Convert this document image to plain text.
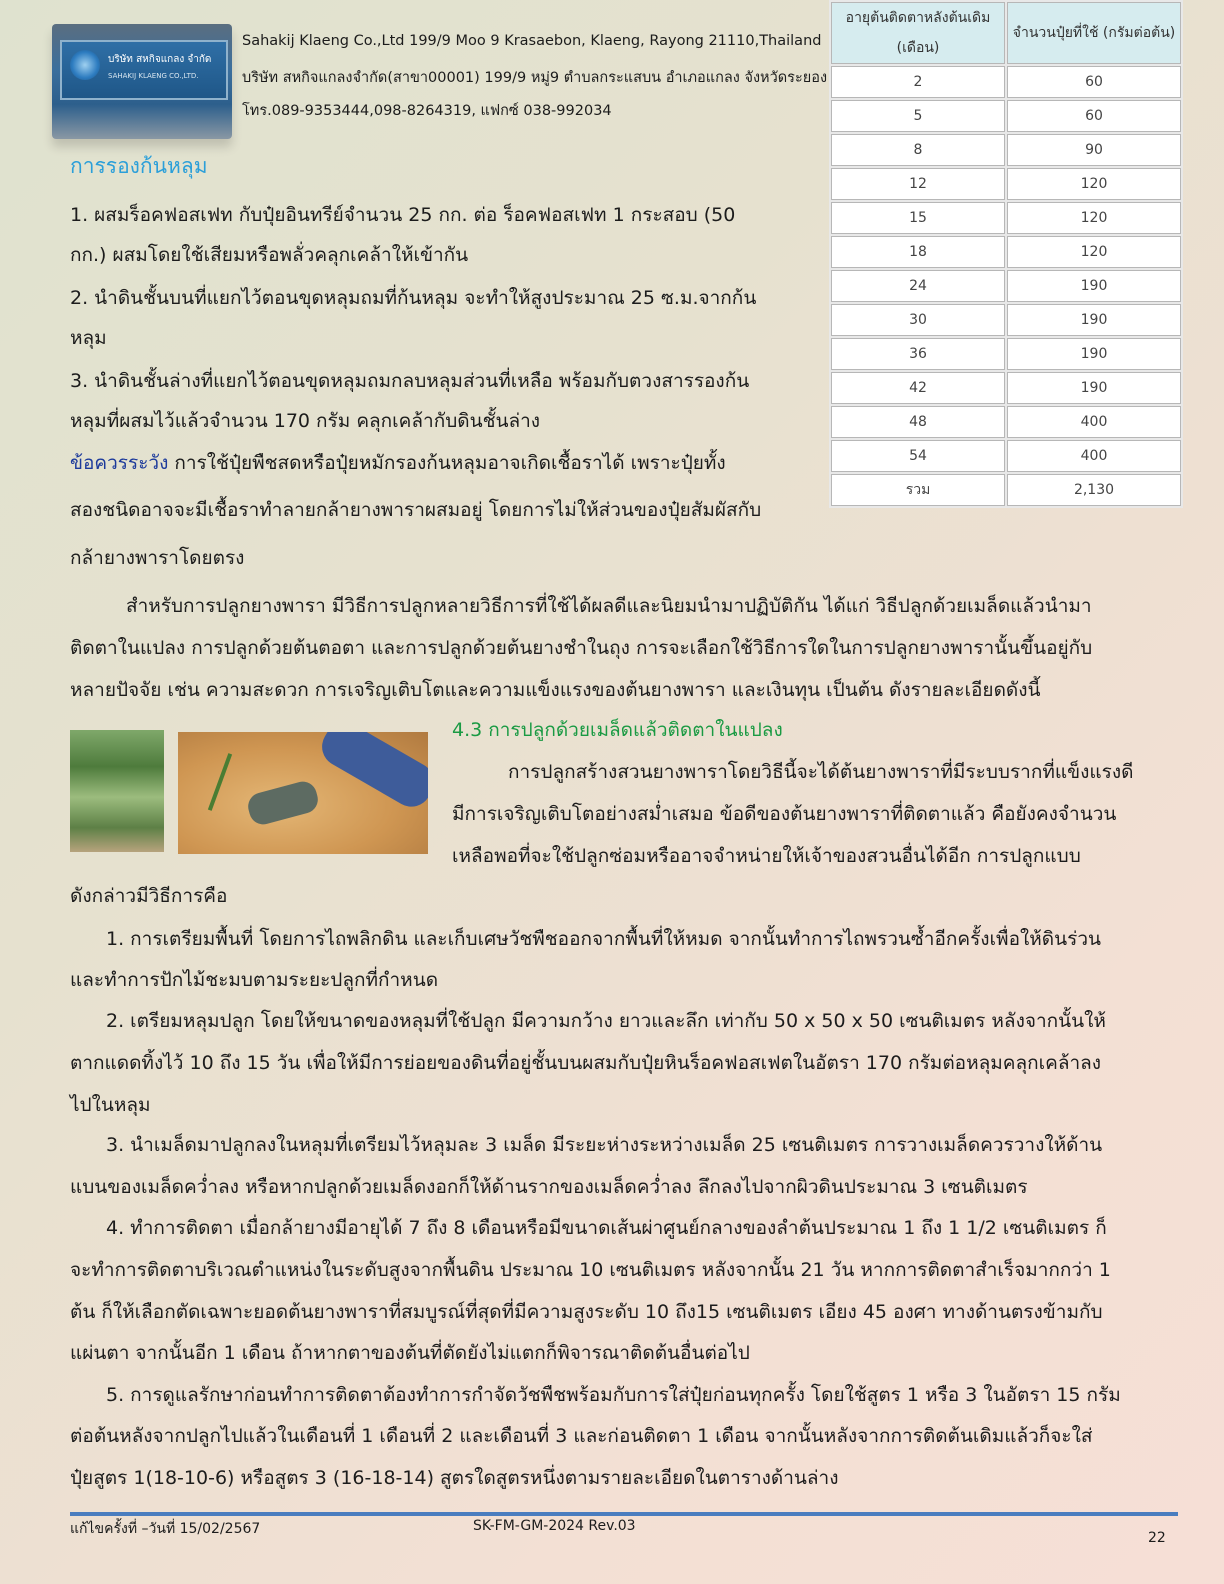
บริษัท สหกิจแกลง จำกัด
SAHAKIJ KLAENG CO.,LTD.
Sahakij Klaeng Co.,Ltd 199/9 Moo 9 Krasaebon, Klaeng, Rayong 21110,Thailand
บริษัท สหกิจแกลงจำกัด(สาขา00001) 199/9 หมู่9 ตำบลกระแสบน อำเภอแกลง จังหวัดระยอง
โทร.089-9353444,098-8264319, แฟกซ์ 038-992034
อายุต้นติดตาหลังต้นเดิม (เดือน)	จำนวนปุ๋ยที่ใช้ (กรัมต่อต้น)
2	60
5	60
8	90
12	120
15	120
18	120
24	190
30	190
36	190
42	190
48	400
54	400
รวม	2,130
การรองก้นหลุม
1. ผสมร็อคฟอสเฟท กับปุ๋ยอินทรีย์จำนวน 25 กก. ต่อ ร็อคฟอสเฟท 1 กระสอบ (50
กก.) ผสมโดยใช้เสียมหรือพลั่วคลุกเคล้าให้เข้ากัน
2. นำดินชั้นบนที่แยกไว้ตอนขุดหลุมถมที่ก้นหลุม จะทำให้สูงประมาณ 25 ซ.ม.จากก้น
หลุม
3. นำดินชั้นล่างที่แยกไว้ตอนขุดหลุมถมกลบหลุมส่วนที่เหลือ พร้อมกับตวงสารรองก้น
หลุมที่ผสมไว้แล้วจำนวน 170 กรัม คลุกเคล้ากับดินชั้นล่าง
ข้อควรระวัง การใช้ปุ๋ยพืชสดหรือปุ๋ยหมักรองก้นหลุมอาจเกิดเชื้อราได้ เพราะปุ๋ยทั้ง
สองชนิดอาจจะมีเชื้อราทำลายกล้ายางพาราผสมอยู่ โดยการไม่ให้ส่วนของปุ๋ยสัมผัสกับ
กล้ายางพาราโดยตรง
สำหรับการปลูกยางพารา มีวิธีการปลูกหลายวิธีการที่ใช้ได้ผลดีและนิยมนำมาปฏิบัติกัน ได้แก่ วิธีปลูกด้วยเมล็ดแล้วนำมา
ติดตาในแปลง การปลูกด้วยต้นตอตา และการปลูกด้วยต้นยางชำในถุง การจะเลือกใช้วิธีการใดในการปลูกยางพารานั้นขึ้นอยู่กับ
หลายปัจจัย เช่น ความสะดวก การเจริญเติบโตและความแข็งแรงของต้นยางพารา และเงินทุน เป็นต้น ดังรายละเอียดดังนี้
4.3 การปลูกด้วยเมล็ดแล้วติดตาในแปลง
การปลูกสร้างสวนยางพาราโดยวิธีนี้จะได้ต้นยางพาราที่มีระบบรากที่แข็งแรงดี
มีการเจริญเติบโตอย่างสม่ำเสมอ ข้อดีของต้นยางพาราที่ติดตาแล้ว คือยังคงจำนวน
เหลือพอที่จะใช้ปลูกซ่อมหรืออาจจำหน่ายให้เจ้าของสวนอื่นได้อีก การปลูกแบบ
ดังกล่าวมีวิธีการคือ
1. การเตรียมพื้นที่ โดยการไถพลิกดิน และเก็บเศษวัชพืชออกจากพื้นที่ให้หมด จากนั้นทำการไถพรวนซ้ำอีกครั้งเพื่อให้ดินร่วน
และทำการปักไม้ชะมบตามระยะปลูกที่กำหนด
2. เตรียมหลุมปลูก โดยให้ขนาดของหลุมที่ใช้ปลูก มีความกว้าง ยาวและลึก เท่ากับ 50 x 50 x 50 เซนติเมตร หลังจากนั้นให้
ตากแดดทิ้งไว้ 10 ถึง 15 วัน เพื่อให้มีการย่อยของดินที่อยู่ชั้นบนผสมกับปุ๋ยหินร็อคฟอสเฟตในอัตรา 170 กรัมต่อหลุมคลุกเคล้าลง
ไปในหลุม
3. นำเมล็ดมาปลูกลงในหลุมที่เตรียมไว้หลุมละ 3 เมล็ด มีระยะห่างระหว่างเมล็ด 25 เซนติเมตร การวางเมล็ดควรวางให้ด้าน
แบนของเมล็ดคว่ำลง หรือหากปลูกด้วยเมล็ดงอกก็ให้ด้านรากของเมล็ดคว่ำลง ลึกลงไปจากผิวดินประมาณ 3 เซนติเมตร
4. ทำการติดตา เมื่อกล้ายางมีอายุได้ 7 ถึง 8 เดือนหรือมีขนาดเส้นผ่าศูนย์กลางของลำต้นประมาณ 1 ถึง 1 1/2 เซนติเมตร ก็
จะทำการติดตาบริเวณตำแหน่งในระดับสูงจากพื้นดิน ประมาณ 10 เซนติเมตร หลังจากนั้น 21 วัน หากการติดตาสำเร็จมากกว่า 1
ต้น ก็ให้เลือกตัดเฉพาะยอดต้นยางพาราที่สมบูรณ์ที่สุดที่มีความสูงระดับ 10 ถึง15 เซนติเมตร เอียง 45 องศา ทางด้านตรงข้ามกับ
แผ่นตา จากนั้นอีก 1 เดือน ถ้าหากตาของต้นที่ตัดยังไม่แตกก็พิจารณาติดต้นอื่นต่อไป
5. การดูแลรักษาก่อนทำการติดตาต้องทำการกำจัดวัชพืชพร้อมกับการใส่ปุ๋ยก่อนทุกครั้ง โดยใช้สูตร 1 หรือ 3 ในอัตรา 15 กรัม
ต่อต้นหลังจากปลูกไปแล้วในเดือนที่ 1 เดือนที่ 2 และเดือนที่ 3 และก่อนติดตา 1 เดือน จากนั้นหลังจากการติดต้นเดิมแล้วก็จะใส่
ปุ๋ยสูตร 1(18-10-6) หรือสูตร 3 (16-18-14) สูตรใดสูตรหนึ่งตามรายละเอียดในตารางด้านล่าง
แก้ไขครั้งที่ –วันที่ 15/02/2567	SK-FM-GM-2024 Rev.03
22
